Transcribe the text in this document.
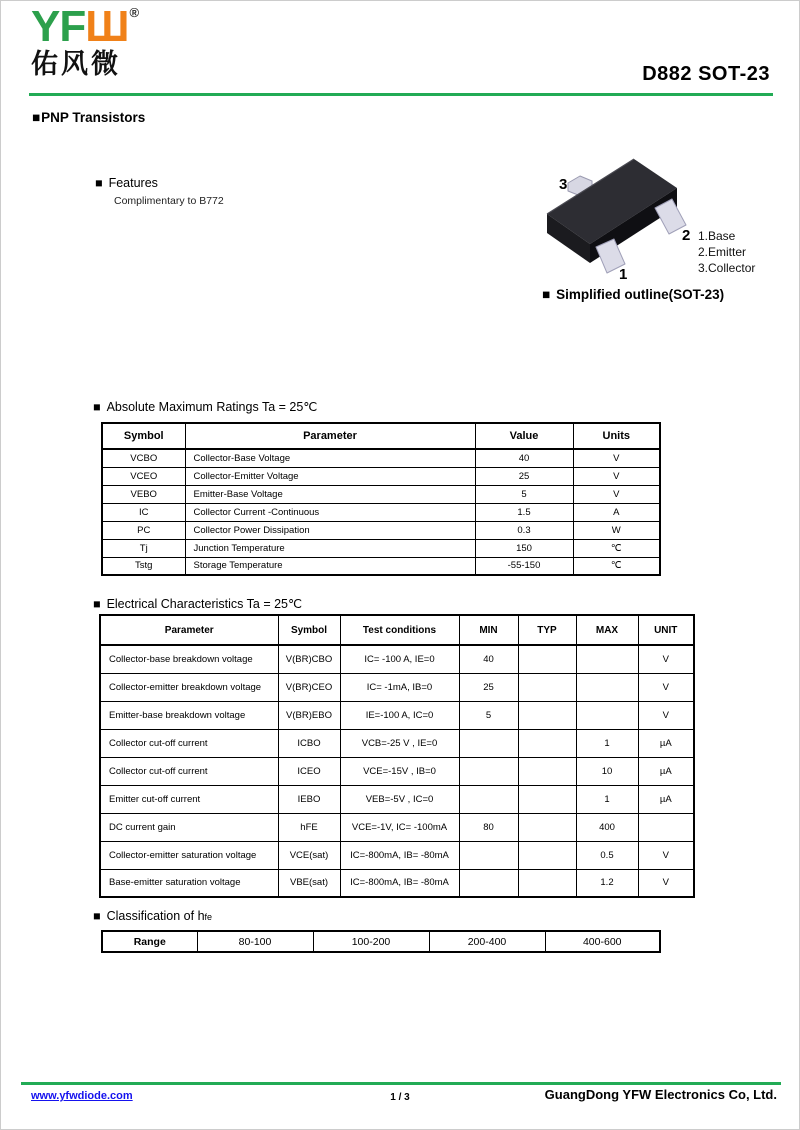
YFШ®
佑风微	D882 SOT-23
■PNP Transistors
■ Features
Complimentary to B772
3
2
1
1.Base
2.Emitter
3.Collector
■ Simplified outline(SOT-23)
■ Absolute Maximum Ratings Ta = 25℃
Symbol	Parameter	Value	Units
VCBO	Collector-Base Voltage	40	V
VCEO	Collector-Emitter Voltage	25	V
VEBO	Emitter-Base Voltage	5	V
IC	Collector Current -Continuous	1.5	A
PC	Collector Power Dissipation	0.3	W
Tj	Junction Temperature	150	℃
Tstg	Storage Temperature	-55-150	℃
■ Electrical Characteristics Ta = 25℃
Parameter	Symbol	Test conditions	MIN	TYP	MAX	UNIT
Collector-base breakdown voltage	V(BR)CBO	IC= -100 A, IE=0	40			V
Collector-emitter breakdown voltage	V(BR)CEO	IC= -1mA, IB=0	25			V
Emitter-base breakdown voltage	V(BR)EBO	IE=-100 A, IC=0	5			V
Collector cut-off current	ICBO	VCB=-25 V , IE=0			1	µA
Collector cut-off current	ICEO	VCE=-15V , IB=0			10	µA
Emitter cut-off current	IEBO	VEB=-5V , IC=0			1	µA
DC current gain	hFE	VCE=-1V, IC= -100mA	80		400	
Collector-emitter saturation voltage	VCE(sat)	IC=-800mA, IB= -80mA			0.5	V
Base-emitter saturation voltage	VBE(sat)	IC=-800mA, IB= -80mA			1.2	V
■ Classification of hfe
Range	80-100	100-200	200-400	400-600
www.yfwdiode.com	1 / 3	GuangDong YFW Electronics Co, Ltd.
